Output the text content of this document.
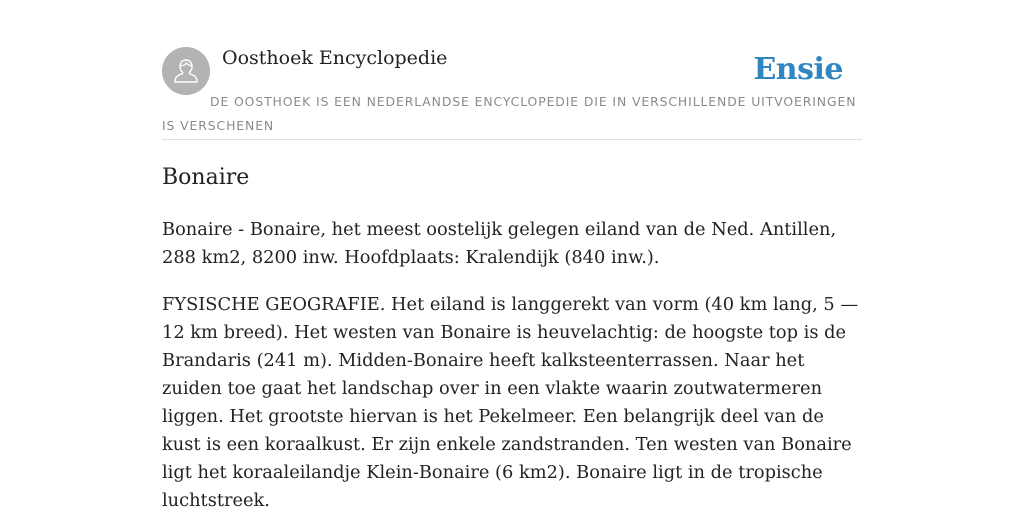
Oosthoek Encyclopedie	Ensie
DE OOSTHOEK IS EEN NEDERLANDSE ENCYCLOPEDIE DIE IN VERSCHILLENDE UITVOERINGEN IS VERSCHENEN
Bonaire

Bonaire - Bonaire, het meest oostelijk gelegen eiland van de Ned. Antillen, 288 km2, 8200 inw. Hoofdplaats: Kralendijk (840 inw.).

FYSISCHE GEOGRAFIE. Het eiland is langgerekt van vorm (40 km lang, 5 — 12 km breed). Het westen van Bonaire is heuvelachtig: de hoogste top is de Brandaris (241 m). Midden-Bonaire heeft kalksteenterrassen. Naar het zuiden toe gaat het landschap over in een vlakte waarin zoutwatermeren liggen. Het grootste hiervan is het Pekelmeer. Een belangrijk deel van de kust is een koraalkust. Er zijn enkele zandstranden. Ten westen van Bonaire ligt het koraaleilandje Klein-Bonaire (6 km2). Bonaire ligt in de tropische luchtstreek.
